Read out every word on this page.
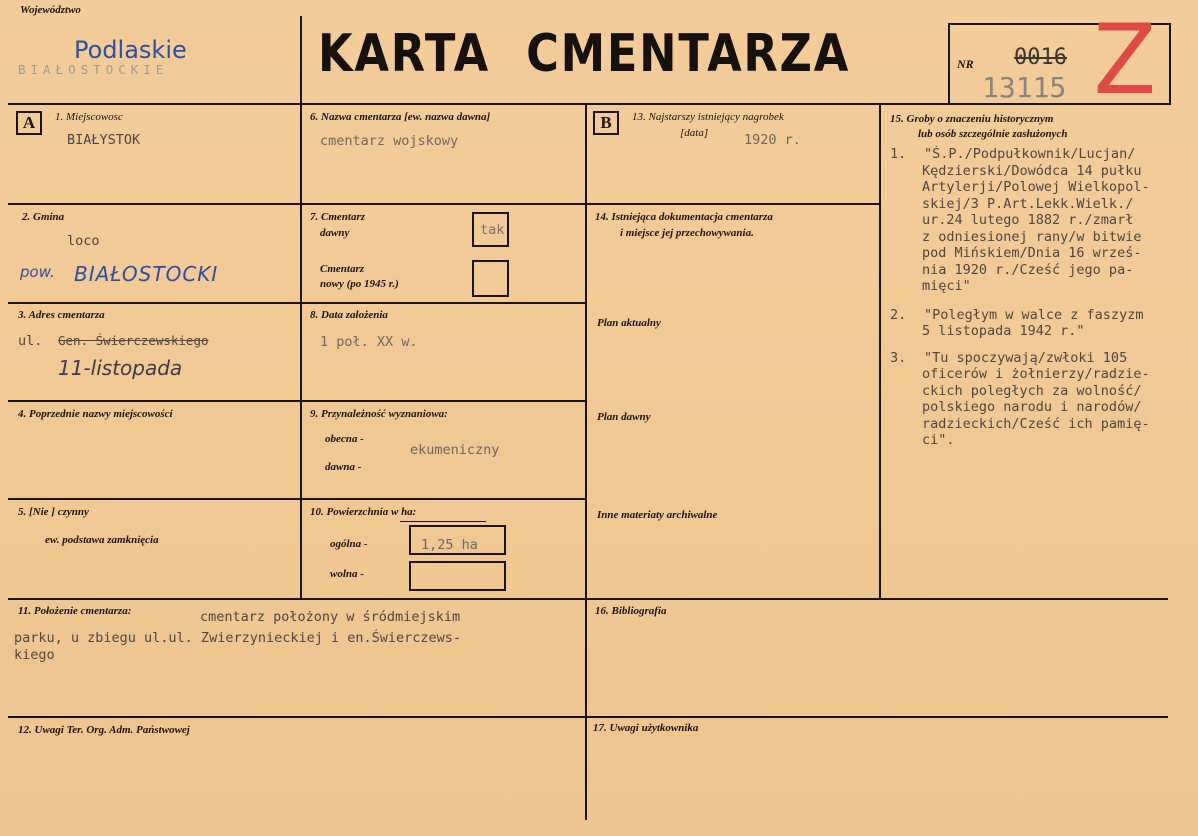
Województwo
Podlaskie
BIAŁOSTOCKIE	KARTA CMENTARZA	NR 0016
13115 Z
A	1. Miejscowosc
BIAŁYSTOK
2. Gmina
loco
pow. BIAŁOSTOCKI
3. Adres cmentarza
ul. Gen. Świerczewskiego
11-listopada
4. Poprzednie nazwy miejscowości
5. [Nie ] czynny
ew. podstawa zamknięcia
6. Nazwa cmentarza [ew. nazwa dawna]
cmentarz wojskowy
7. Cmentarz
dawny	tak
Cmentarz
nowy (po 1945 r.)
8. Data założenia
1 poł. XX w.
9. Przynależność wyznaniowa:
obecna -
ekumeniczny
dawna -
10. Powierzchnia w ha:
ogólna -	1,25 ha
wolna -
B	13. Najstarszy istniejący nagrobek
[data]	1920 r.
14. Istniejąca dokumentacja cmentarza
i miejsce jej przechowywania.
Plan aktualny
Plan dawny
Inne materiaty archiwalne
15. Groby o znaczeniu historycznym
lub osób szczególnie zasłużonych
1. "Ś.P./Podpułkownik/Lucjan/
Kędzierski/Dowódca 14 pułku
Artylerji/Polowej Wielkopol-
skiej/3 P.Art.Lekk.Wielk./
ur.24 lutego 1882 r./zmarł
z odniesionej rany/w bitwie
pod Mińskiem/Dnia 16 wrześ-
nia 1920 r./Cześć jego pa-
mięci"
2. "Poległym w walce z faszyzm
5 listopada 1942 r."
3. "Tu spoczywają/zwłoki 105
oficerów i żołnierzy/radzie-
ckich poległych za wolność/
polskiego narodu i narodów/
radzieckich/Cześć ich pamię-
ci".
11. Położenie cmentarza:	cmentarz położony w śródmiejskim
parku, u zbiegu ul.ul. Zwierzynieckiej i en.Świerczews-
kiego
16. Bibliografia
12. Uwagi Ter. Org. Adm. Państwowej	17. Uwagi użytkownika
